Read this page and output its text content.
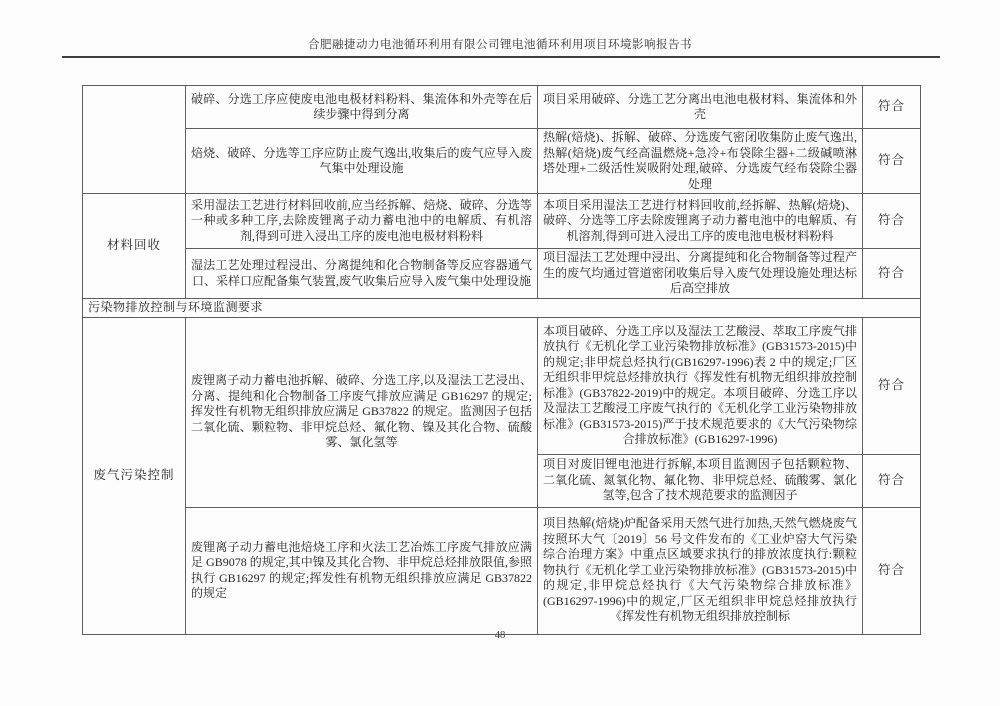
合肥融捷动力电池循环利用有限公司锂电池循环利用项目环境影响报告书
	破碎、分选工序应使废电池电极材料粉料、集流体和外壳等在后续步骤中得到分离	项目采用破碎、分选工艺分离出电池电极材料、集流体和外壳	符合
	焙烧、破碎、分选等工序应防止废气逸出,收集后的废气应导入废气集中处理设施	热解(焙烧)、拆解、破碎、分选废气密闭收集防止废气逸出,热解(焙烧)废气经高温燃烧+急冷+布袋除尘器+二级碱喷淋塔处理+二级活性炭吸附处理,破碎、分选废气经布袋除尘器处理	符合
材料回收	采用湿法工艺进行材料回收前,应当经拆解、焙烧、破碎、分选等一种或多种工序,去除废锂离子动力蓄电池中的电解质、有机溶剂,得到可进入浸出工序的废电池电极材料粉料	本项目采用湿法工艺进行材料回收前,经拆解、热解(焙烧)、破碎、分选等工序去除废锂离子动力蓄电池中的电解质、有机溶剂,得到可进入浸出工序的废电池电极材料粉料	符合
	湿法工艺处理过程浸出、分离提纯和化合物制备等反应容器通气口、采样口应配备集气装置,废气收集后应导入废气集中处理设施	项目湿法工艺处理中浸出、分离提纯和化合物制备等过程产生的废气均通过管道密闭收集后导入废气处理设施处理达标后高空排放	符合
污染物排放控制与环境监测要求			
废气污染控制	废锂离子动力蓄电池拆解、破碎、分选工序,以及湿法工艺浸出、分离、提纯和化合物制备工序废气排放应满足 GB16297 的规定;挥发性有机物无组织排放应满足 GB37822 的规定。监测因子包括二氧化硫、颗粒物、非甲烷总烃、氟化物、镍及其化合物、硫酸雾、氯化氢等	本项目破碎、分选工序以及湿法工艺酸浸、萃取工序废气排放执行《无机化学工业污染物排放标准》(GB31573-2015)中的规定;非甲烷总烃执行(GB16297-1996)表 2 中的规定;厂区无组织非甲烷总烃排放执行《挥发性有机物无组织排放控制标准》(GB37822-2019)中的规定。本项目破碎、分选工序以及湿法工艺酸浸工序废气执行的《无机化学工业污染物排放标准》(GB31573-2015)严于技术规范要求的《大气污染物综合排放标准》(GB16297-1996)	符合
		项目对废旧锂电池进行拆解,本项目监测因子包括颗粒物、二氧化硫、氮氧化物、氟化物、非甲烷总烃、硫酸雾、氯化氢等,包含了技术规范要求的监测因子	符合
	废锂离子动力蓄电池焙烧工序和火法工艺冶炼工序废气排放应满足 GB9078 的规定,其中镍及其化合物、非甲烷总烃排放限值,参照执行 GB16297 的规定;挥发性有机物无组织排放应满足 GB37822 的规定	项目热解(焙烧)炉配备采用天然气进行加热,天然气燃烧废气按照环大气〔2019〕56 号文件发布的《工业炉窑大气污染综合治理方案》中重点区域要求执行的排放浓度执行:颗粒物执行《无机化学工业污染物排放标准》(GB31573-2015)中的规定,非甲烷总烃执行《大气污染物综合排放标准》(GB16297-1996)中的规定,厂区无组织非甲烷总烃排放执行《挥发性有机物无组织排放控制标	符合
48
